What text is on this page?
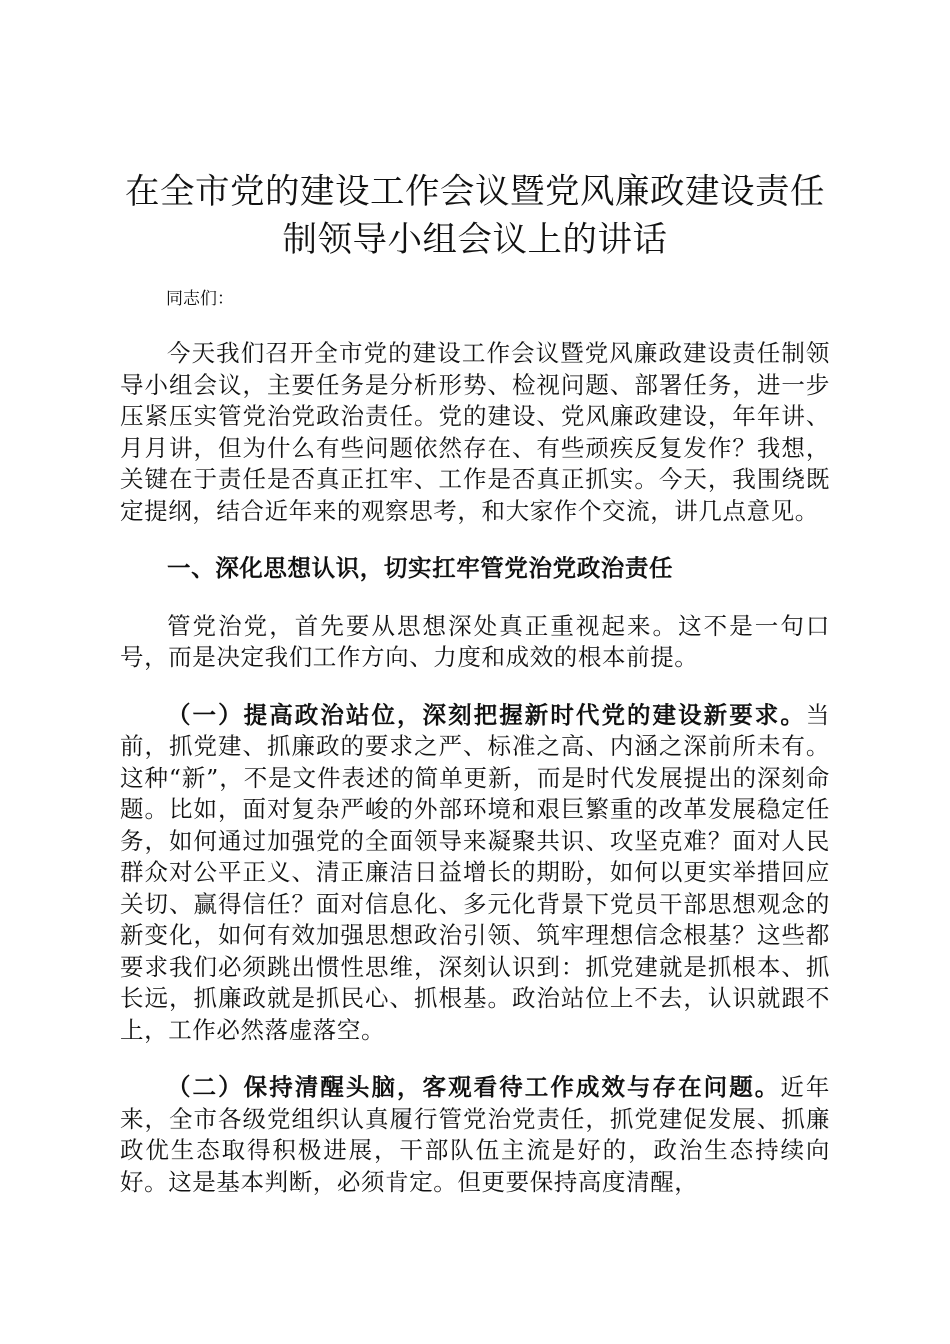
在全市党的建设工作会议暨党风廉政建设责任
制领导小组会议上的讲话
同志们：

今天我们召开全市党的建设工作会议暨党风廉政建设责任制领导小组会议，主要任务是分析形势、检视问题、部署任务，进一步压紧压实管党治党政治责任。党的建设、党风廉政建设，年年讲、月月讲，但为什么有些问题依然存在、有些顽疾反复发作？我想，关键在于责任是否真正扛牢、工作是否真正抓实。今天，我围绕既定提纲，结合近年来的观察思考，和大家作个交流，讲几点意见。

一、深化思想认识，切实扛牢管党治党政治责任

管党治党，首先要从思想深处真正重视起来。这不是一句口号，而是决定我们工作方向、力度和成效的根本前提。

（一）提高政治站位，深刻把握新时代党的建设新要求。当前，抓党建、抓廉政的要求之严、标准之高、内涵之深前所未有。这种“新”，不是文件表述的简单更新，而是时代发展提出的深刻命题。比如，面对复杂严峻的外部环境和艰巨繁重的改革发展稳定任务，如何通过加强党的全面领导来凝聚共识、攻坚克难？面对人民群众对公平正义、清正廉洁日益增长的期盼，如何以更实举措回应关切、赢得信任？面对信息化、多元化背景下党员干部思想观念的新变化，如何有效加强思想政治引领、筑牢理想信念根基？这些都要求我们必须跳出惯性思维，深刻认识到：抓党建就是抓根本、抓长远，抓廉政就是抓民心、抓根基。政治站位上不去，认识就跟不上，工作必然落虚落空。

（二）保持清醒头脑，客观看待工作成效与存在问题。近年来，全市各级党组织认真履行管党治党责任，抓党建促发展、抓廉政优生态取得积极进展，干部队伍主流是好的，政治生态持续向好。这是基本判断，必须肯定。但更要保持高度清醒，
